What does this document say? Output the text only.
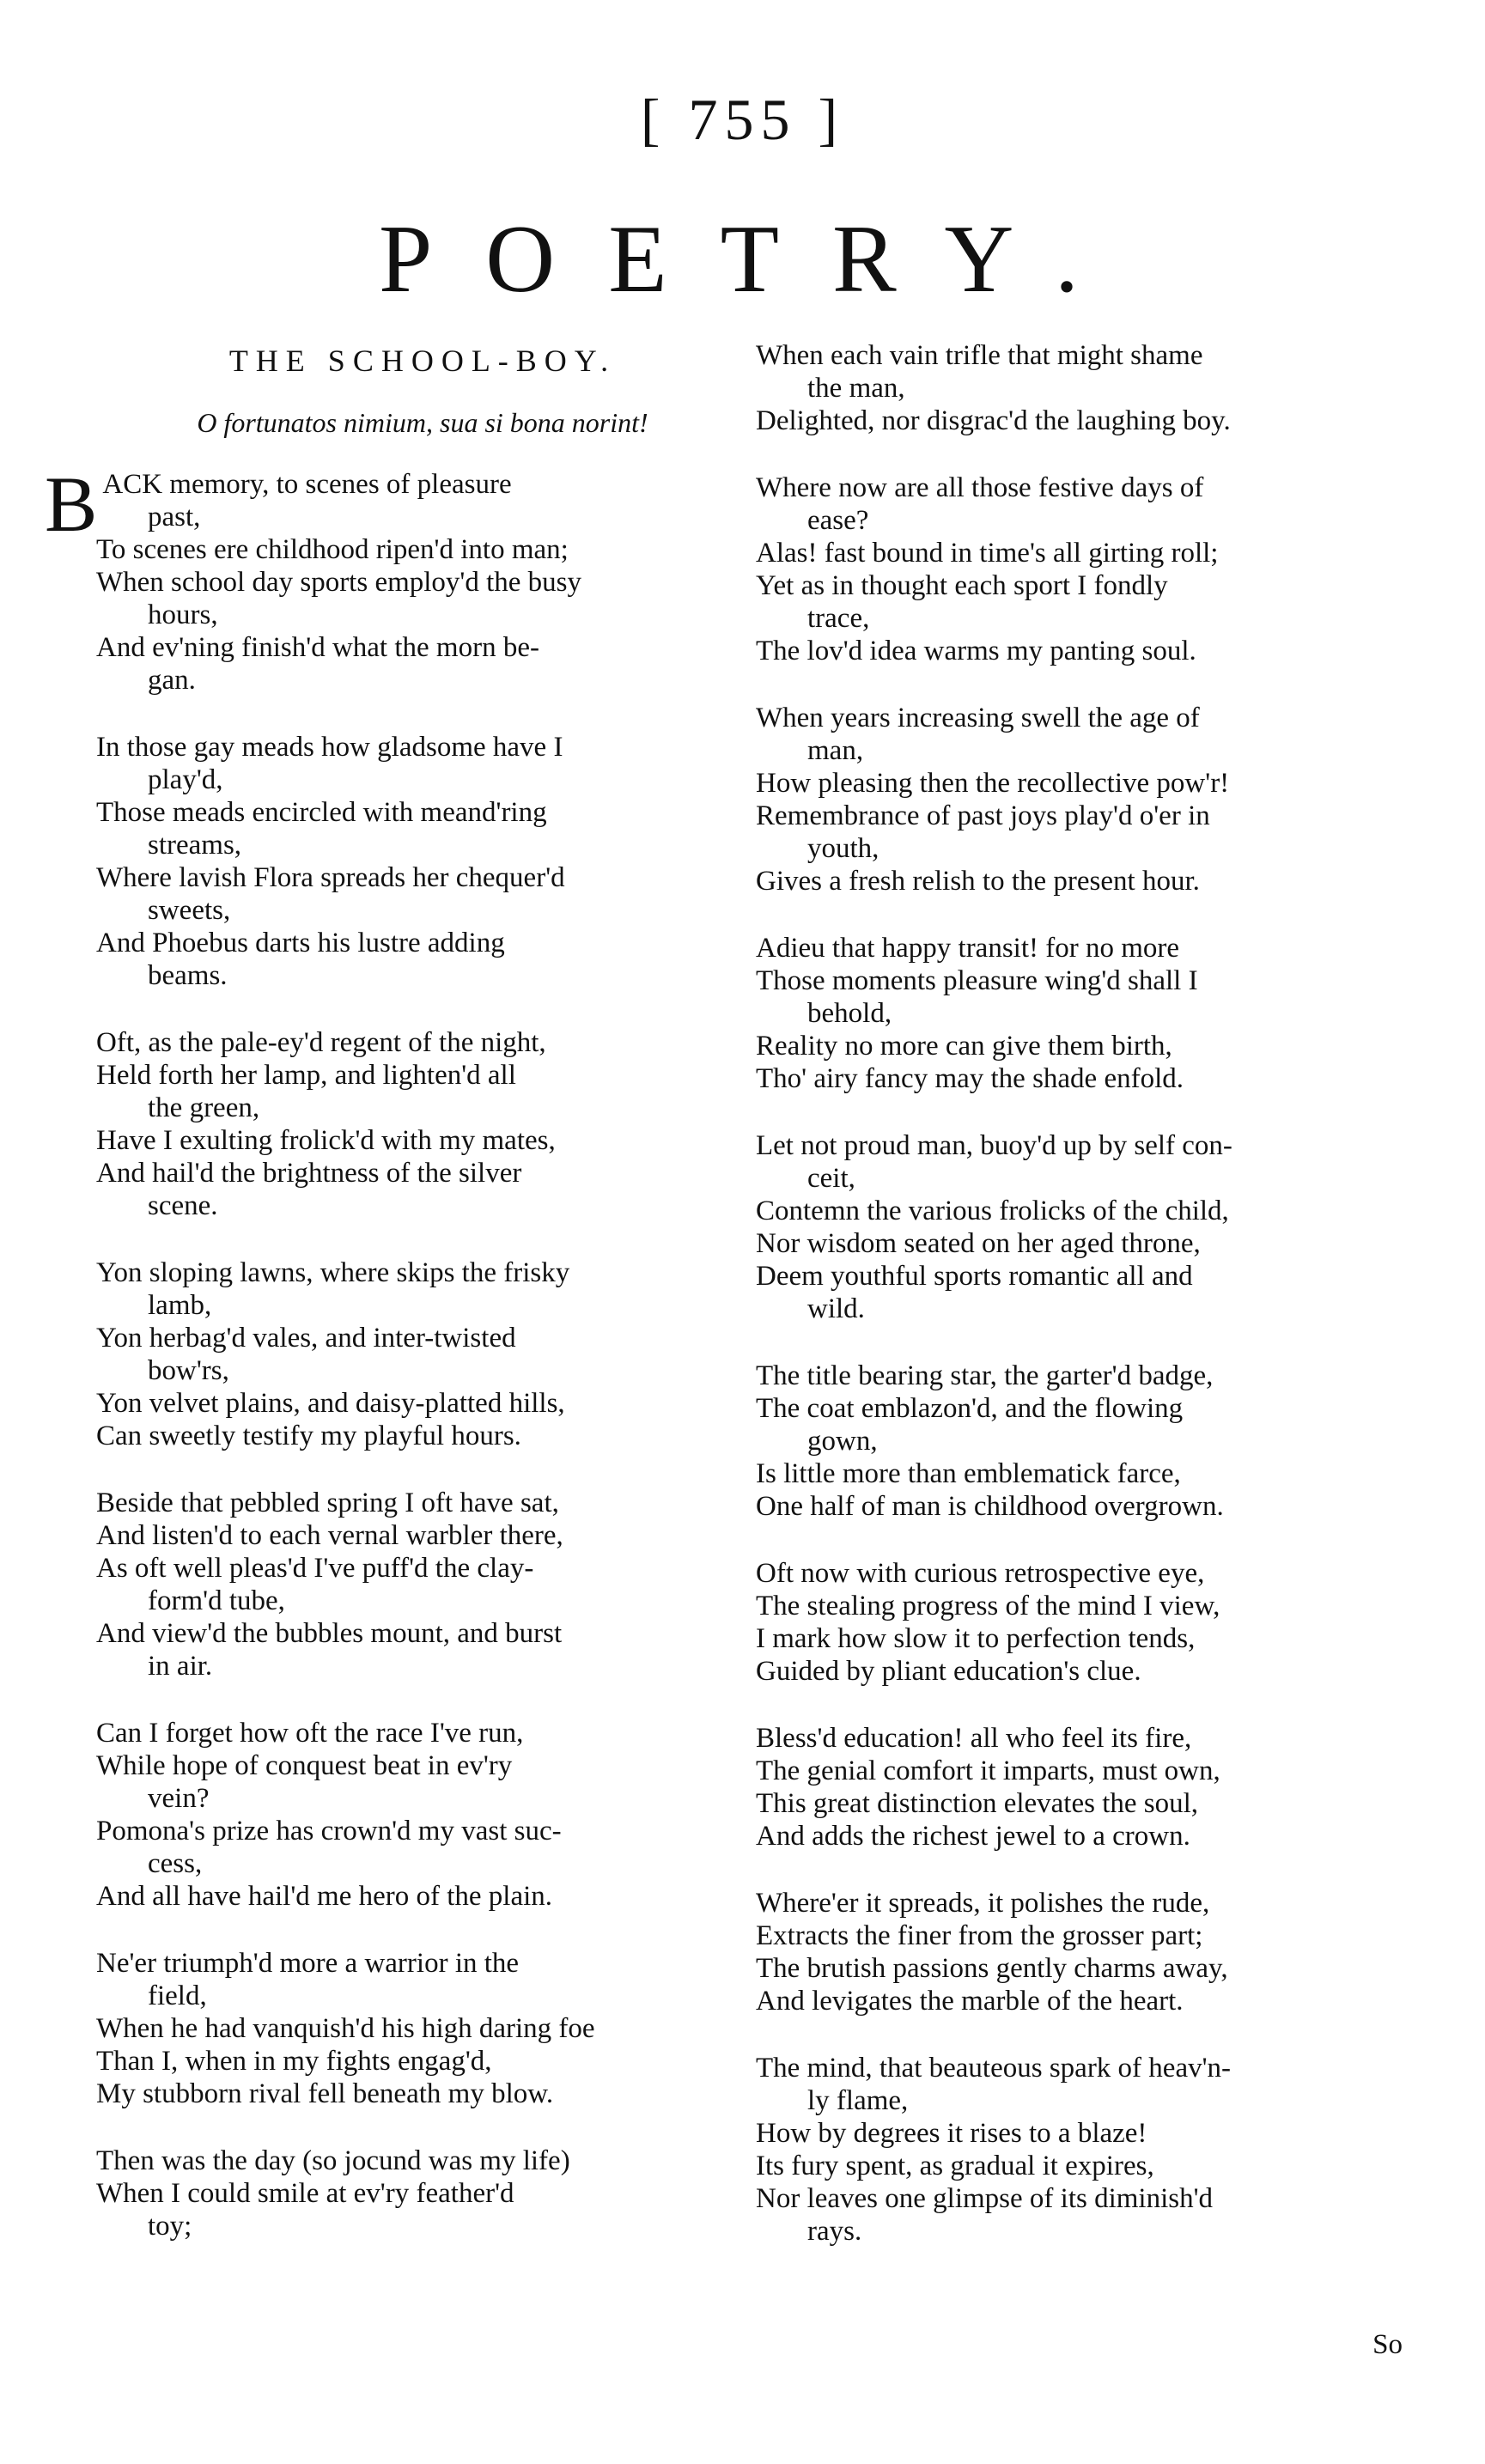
[ 755 ]
POETRY.
THE SCHOOL-BOY.
O fortunatos nimium, sua si bona norint!
BACK memory, to scenes of pleasure
past,
To scenes ere childhood ripen'd into man;
When school day sports employ'd the busy
hours,
And ev'ning finish'd what the morn be-
gan.
In those gay meads how gladsome have I
play'd,
Those meads encircled with meand'ring
streams,
Where lavish Flora spreads her chequer'd
sweets,
And Phoebus darts his lustre adding
beams.
Oft, as the pale-ey'd regent of the night,
Held forth her lamp, and lighten'd all
the green,
Have I exulting frolick'd with my mates,
And hail'd the brightness of the silver
scene.
Yon sloping lawns, where skips the frisky
lamb,
Yon herbag'd vales, and inter-twisted
bow'rs,
Yon velvet plains, and daisy-platted hills,
Can sweetly testify my playful hours.
Beside that pebbled spring I oft have sat,
And listen'd to each vernal warbler there,
As oft well pleas'd I've puff'd the clay-
form'd tube,
And view'd the bubbles mount, and burst
in air.
Can I forget how oft the race I've run,
While hope of conquest beat in ev'ry
vein?
Pomona's prize has crown'd my vast suc-
cess,
And all have hail'd me hero of the plain.
Ne'er triumph'd more a warrior in the
field,
When he had vanquish'd his high daring foe
Than I, when in my fights engag'd,
My stubborn rival fell beneath my blow.
Then was the day (so jocund was my life)
When I could smile at ev'ry feather'd
toy;
When each vain trifle that might shame
the man,
Delighted, nor disgrac'd the laughing boy.
Where now are all those festive days of
ease?
Alas! fast bound in time's all girting roll;
Yet as in thought each sport I fondly
trace,
The lov'd idea warms my panting soul.
When years increasing swell the age of
man,
How pleasing then the recollective pow'r!
Remembrance of past joys play'd o'er in
youth,
Gives a fresh relish to the present hour.
Adieu that happy transit! for no more
Those moments pleasure wing'd shall I
behold,
Reality no more can give them birth,
Tho' airy fancy may the shade enfold.
Let not proud man, buoy'd up by self con-
ceit,
Contemn the various frolicks of the child,
Nor wisdom seated on her aged throne,
Deem youthful sports romantic all and
wild.
The title bearing star, the garter'd badge,
The coat emblazon'd, and the flowing
gown,
Is little more than emblematick farce,
One half of man is childhood overgrown.
Oft now with curious retrospective eye,
The stealing progress of the mind I view,
I mark how slow it to perfection tends,
Guided by pliant education's clue.
Bless'd education! all who feel its fire,
The genial comfort it imparts, must own,
This great distinction elevates the soul,
And adds the richest jewel to a crown.
Where'er it spreads, it polishes the rude,
Extracts the finer from the grosser part;
The brutish passions gently charms away,
And levigates the marble of the heart.
The mind, that beauteous spark of heav'n-
ly flame,
How by degrees it rises to a blaze!
Its fury spent, as gradual it expires,
Nor leaves one glimpse of its diminish'd
rays.
So
